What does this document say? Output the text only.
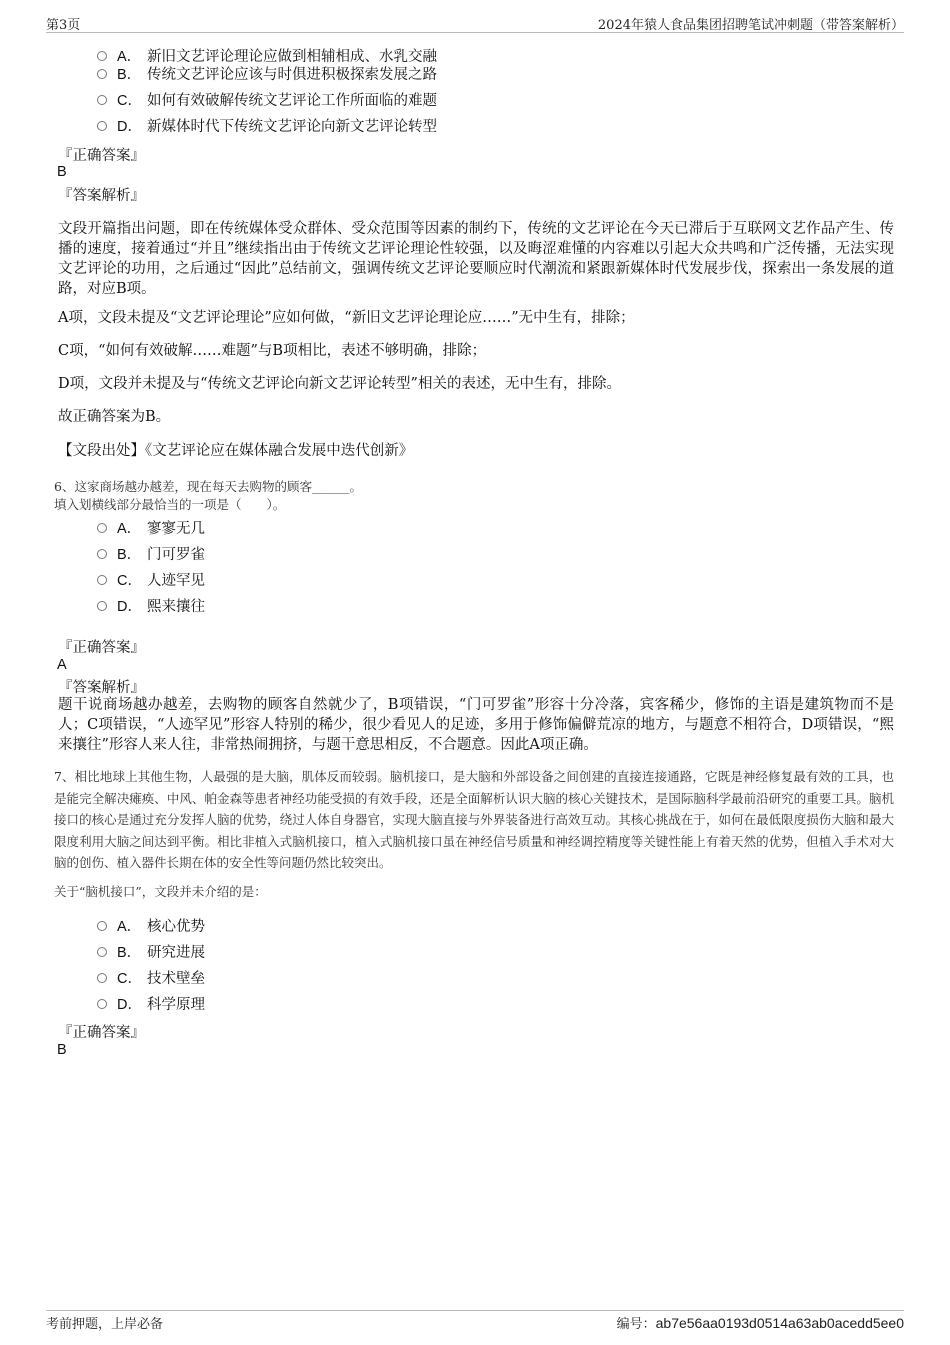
第3页	2024年猿人食品集团招聘笔试冲刺题（带答案解析）
A． 新旧文艺评论理论应做到相辅相成、水乳交融
B． 传统文艺评论应该与时俱进积极探索发展之路
C． 如何有效破解传统文艺评论工作所面临的难题
D． 新媒体时代下传统文艺评论向新文艺评论转型
『正确答案』
B
『答案解析』
文段开篇指出问题，即在传统媒体受众群体、受众范围等因素的制约下，传统的文艺评论在今天已滞后于互联网文艺作品产生、传播的速度，接着通过“并且”继续指出由于传统文艺评论理论性较强，以及晦涩难懂的内容难以引起大众共鸣和广泛传播，无法实现文艺评论的功用，之后通过“因此”总结前文，强调传统文艺评论要顺应时代潮流和紧跟新媒体时代发展步伐，探索出一条发展的道路，对应B项。
A项，文段未提及“文艺评论理论”应如何做，“新旧文艺评论理论应……”无中生有，排除；
C项，“如何有效破解……难题”与B项相比，表述不够明确，排除；
D项，文段并未提及与“传统文艺评论向新文艺评论转型”相关的表述，无中生有，排除。
故正确答案为B。
【文段出处】《文艺评论应在媒体融合发展中迭代创新》
6、这家商场越办越差，现在每天去购物的顾客______。
填入划横线部分最恰当的一项是（　　）。
A． 寥寥无几
B． 门可罗雀
C． 人迹罕见
D． 熙来攘往
『正确答案』
A
『答案解析』
题干说商场越办越差，去购物的顾客自然就少了，B项错误，“门可罗雀”形容十分冷落，宾客稀少，修饰的主语是建筑物而不是人；C项错误，“人迹罕见”形容人特别的稀少，很少看见人的足迹，多用于修饰偏僻荒凉的地方，与题意不相符合，D项错误，“熙来攘往”形容人来人往，非常热闹拥挤，与题干意思相反，不合题意。因此A项正确。
7、相比地球上其他生物，人最强的是大脑，肌体反而较弱。脑机接口，是大脑和外部设备之间创建的直接连接通路，它既是神经修复最有效的工具，也是能完全解决瘫痪、中风、帕金森等患者神经功能受损的有效手段，还是全面解析认识大脑的核心关键技术，是国际脑科学最前沿研究的重要工具。脑机接口的核心是通过充分发挥人脑的优势，绕过人体自身器官，实现大脑直接与外界装备进行高效互动。其核心挑战在于，如何在最低限度损伤大脑和最大限度利用大脑之间达到平衡。相比非植入式脑机接口，植入式脑机接口虽在神经信号质量和神经调控精度等关键性能上有着天然的优势，但植入手术对大脑的创伤、植入器件长期在体的安全性等问题仍然比较突出。
关于“脑机接口”，文段并未介绍的是：
A． 核心优势
B． 研究进展
C． 技术壁垒
D． 科学原理
『正确答案』
B
考前押题，上岸必备	编号：ab7e56aa0193d0514a63ab0acedd5ee0
